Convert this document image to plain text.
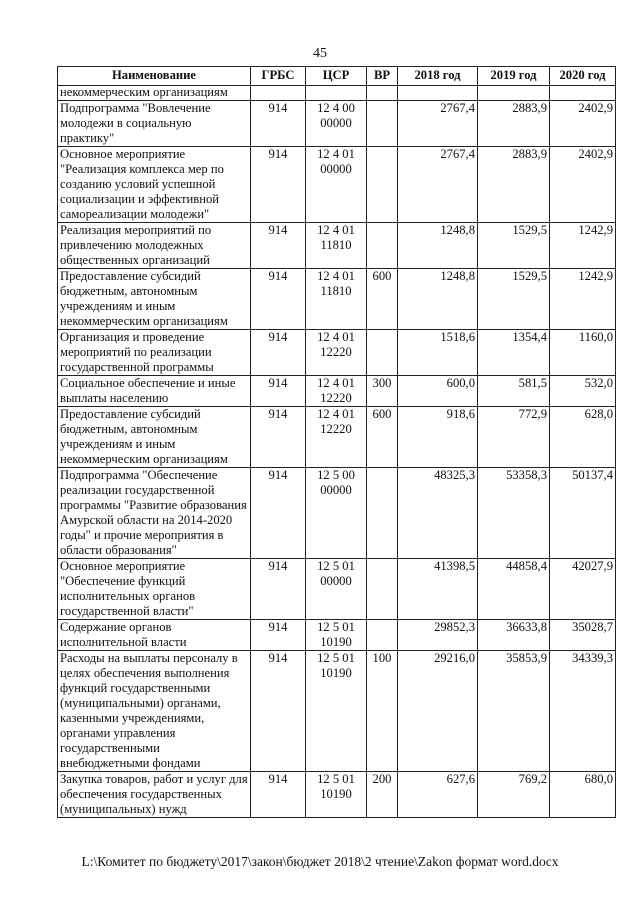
45
Наименование	ГРБС	ЦСР	ВР	2018 год	2019 год	2020 год
некоммерческим организациям						
Подпрограмма "Вовлечение молодежи в социальную практику"	914	12 4 00 00000		2767,4	2883,9	2402,9
Основное мероприятие "Реализация комплекса мер по созданию условий успешной социализации и эффективной самореализации молодежи"	914	12 4 01 00000		2767,4	2883,9	2402,9
Реализация мероприятий по привлечению молодежных общественных организаций	914	12 4 01 11810		1248,8	1529,5	1242,9
Предоставление субсидий бюджетным, автономным учреждениям и иным некоммерческим организациям	914	12 4 01 11810	600	1248,8	1529,5	1242,9
Организация и проведение мероприятий по реализации государственной программы	914	12 4 01 12220		1518,6	1354,4	1160,0
Социальное обеспечение и иные выплаты населению	914	12 4 01 12220	300	600,0	581,5	532,0
Предоставление субсидий бюджетным, автономным учреждениям и иным некоммерческим организациям	914	12 4 01 12220	600	918,6	772,9	628,0
Подпрограмма "Обеспечение реализации государственной программы "Развитие образования Амурской области на 2014-2020 годы" и прочие мероприятия в области образования"	914	12 5 00 00000		48325,3	53358,3	50137,4
Основное мероприятие "Обеспечение функций исполнительных органов государственной власти"	914	12 5 01 00000		41398,5	44858,4	42027,9
Содержание органов исполнительной власти	914	12 5 01 10190		29852,3	36633,8	35028,7
Расходы на выплаты персоналу в целях обеспечения выполнения функций государственными (муниципальными) органами, казенными учреждениями, органами управления государственными внебюджетными фондами	914	12 5 01 10190	100	29216,0	35853,9	34339,3
Закупка товаров, работ и услуг для обеспечения государственных (муниципальных) нужд	914	12 5 01 10190	200	627,6	769,2	680,0
L:\Комитет по бюджету\2017\закон\бюджет 2018\2 чтение\Zakon формат word.docx
